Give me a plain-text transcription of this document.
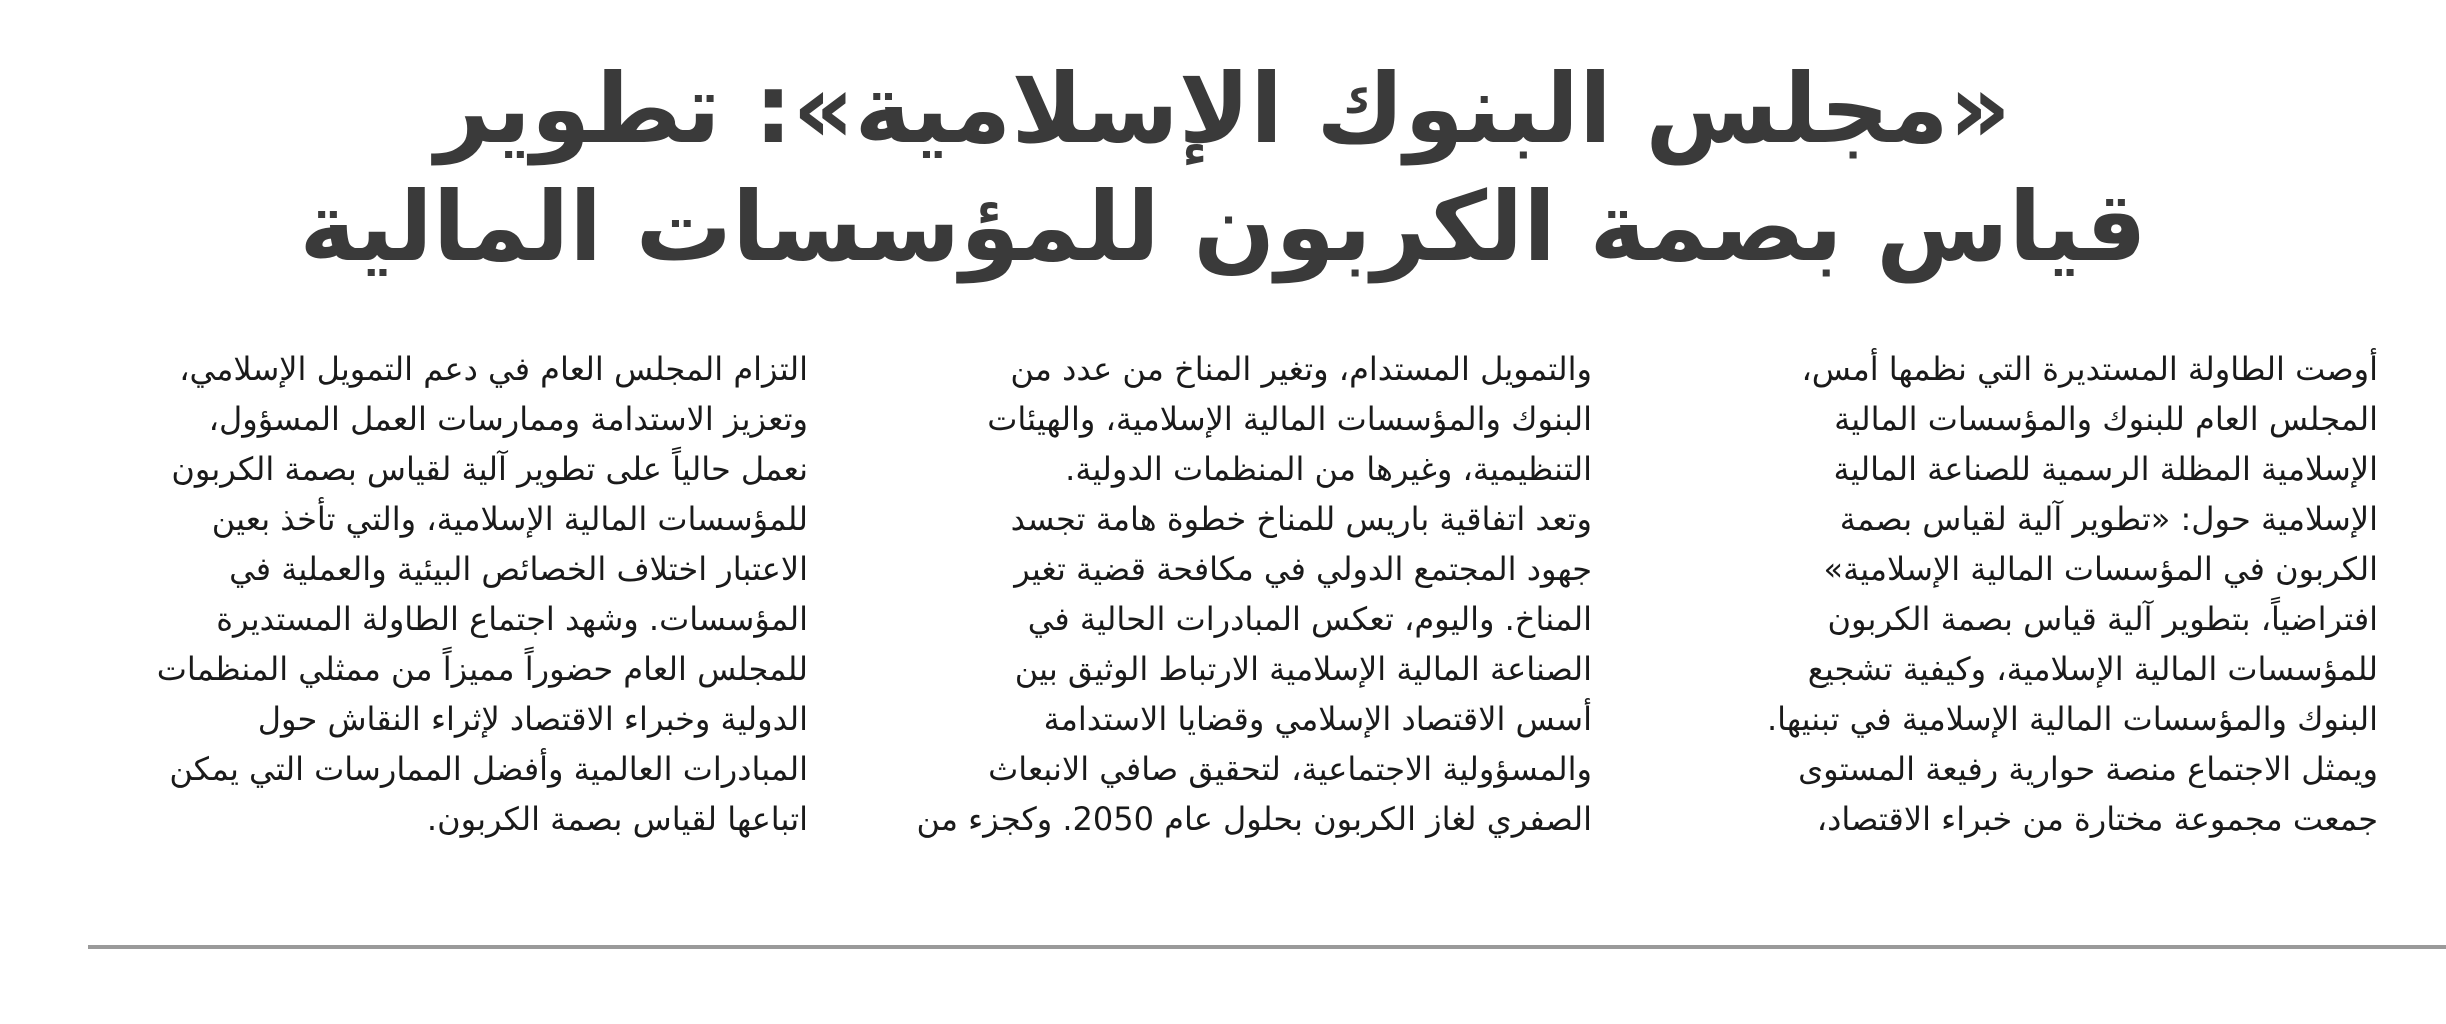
«مجلس البنوك الإسلامية»: تطوير
قياس بصمة الكربون للمؤسسات المالية
أوصت الطاولة المستديرة التي نظمها أمس،
المجلس العام للبنوك والمؤسسات المالية
الإسلامية المظلة الرسمية للصناعة المالية
الإسلامية حول: «تطوير آلية لقياس بصمة
الكربون في المؤسسات المالية الإسلامية»
افتراضياً، بتطوير آلية قياس بصمة الكربون
للمؤسسات المالية الإسلامية، وكيفية تشجيع
البنوك والمؤسسات المالية الإسلامية في تبنيها.
ويمثل الاجتماع منصة حوارية رفيعة المستوى
جمعت مجموعة مختارة من خبراء الاقتصاد،
والتمويل المستدام، وتغير المناخ من عدد من
البنوك والمؤسسات المالية الإسلامية، والهيئات
التنظيمية، وغيرها من المنظمات الدولية.
وتعد اتفاقية باريس للمناخ خطوة هامة تجسد
جهود المجتمع الدولي في مكافحة قضية تغير
المناخ. واليوم، تعكس المبادرات الحالية في
الصناعة المالية الإسلامية الارتباط الوثيق بين
أسس الاقتصاد الإسلامي وقضايا الاستدامة
والمسؤولية الاجتماعية، لتحقيق صافي الانبعاث
الصفري لغاز الكربون بحلول عام 2050. وكجزء من
التزام المجلس العام في دعم التمويل الإسلامي،
وتعزيز الاستدامة وممارسات العمل المسؤول،
نعمل حالياً على تطوير آلية لقياس بصمة الكربون
للمؤسسات المالية الإسلامية، والتي تأخذ بعين
الاعتبار اختلاف الخصائص البيئية والعملية في
المؤسسات. وشهد اجتماع الطاولة المستديرة
للمجلس العام حضوراً مميزاً من ممثلي المنظمات
الدولية وخبراء الاقتصاد لإثراء النقاش حول
المبادرات العالمية وأفضل الممارسات التي يمكن
اتباعها لقياس بصمة الكربون.
